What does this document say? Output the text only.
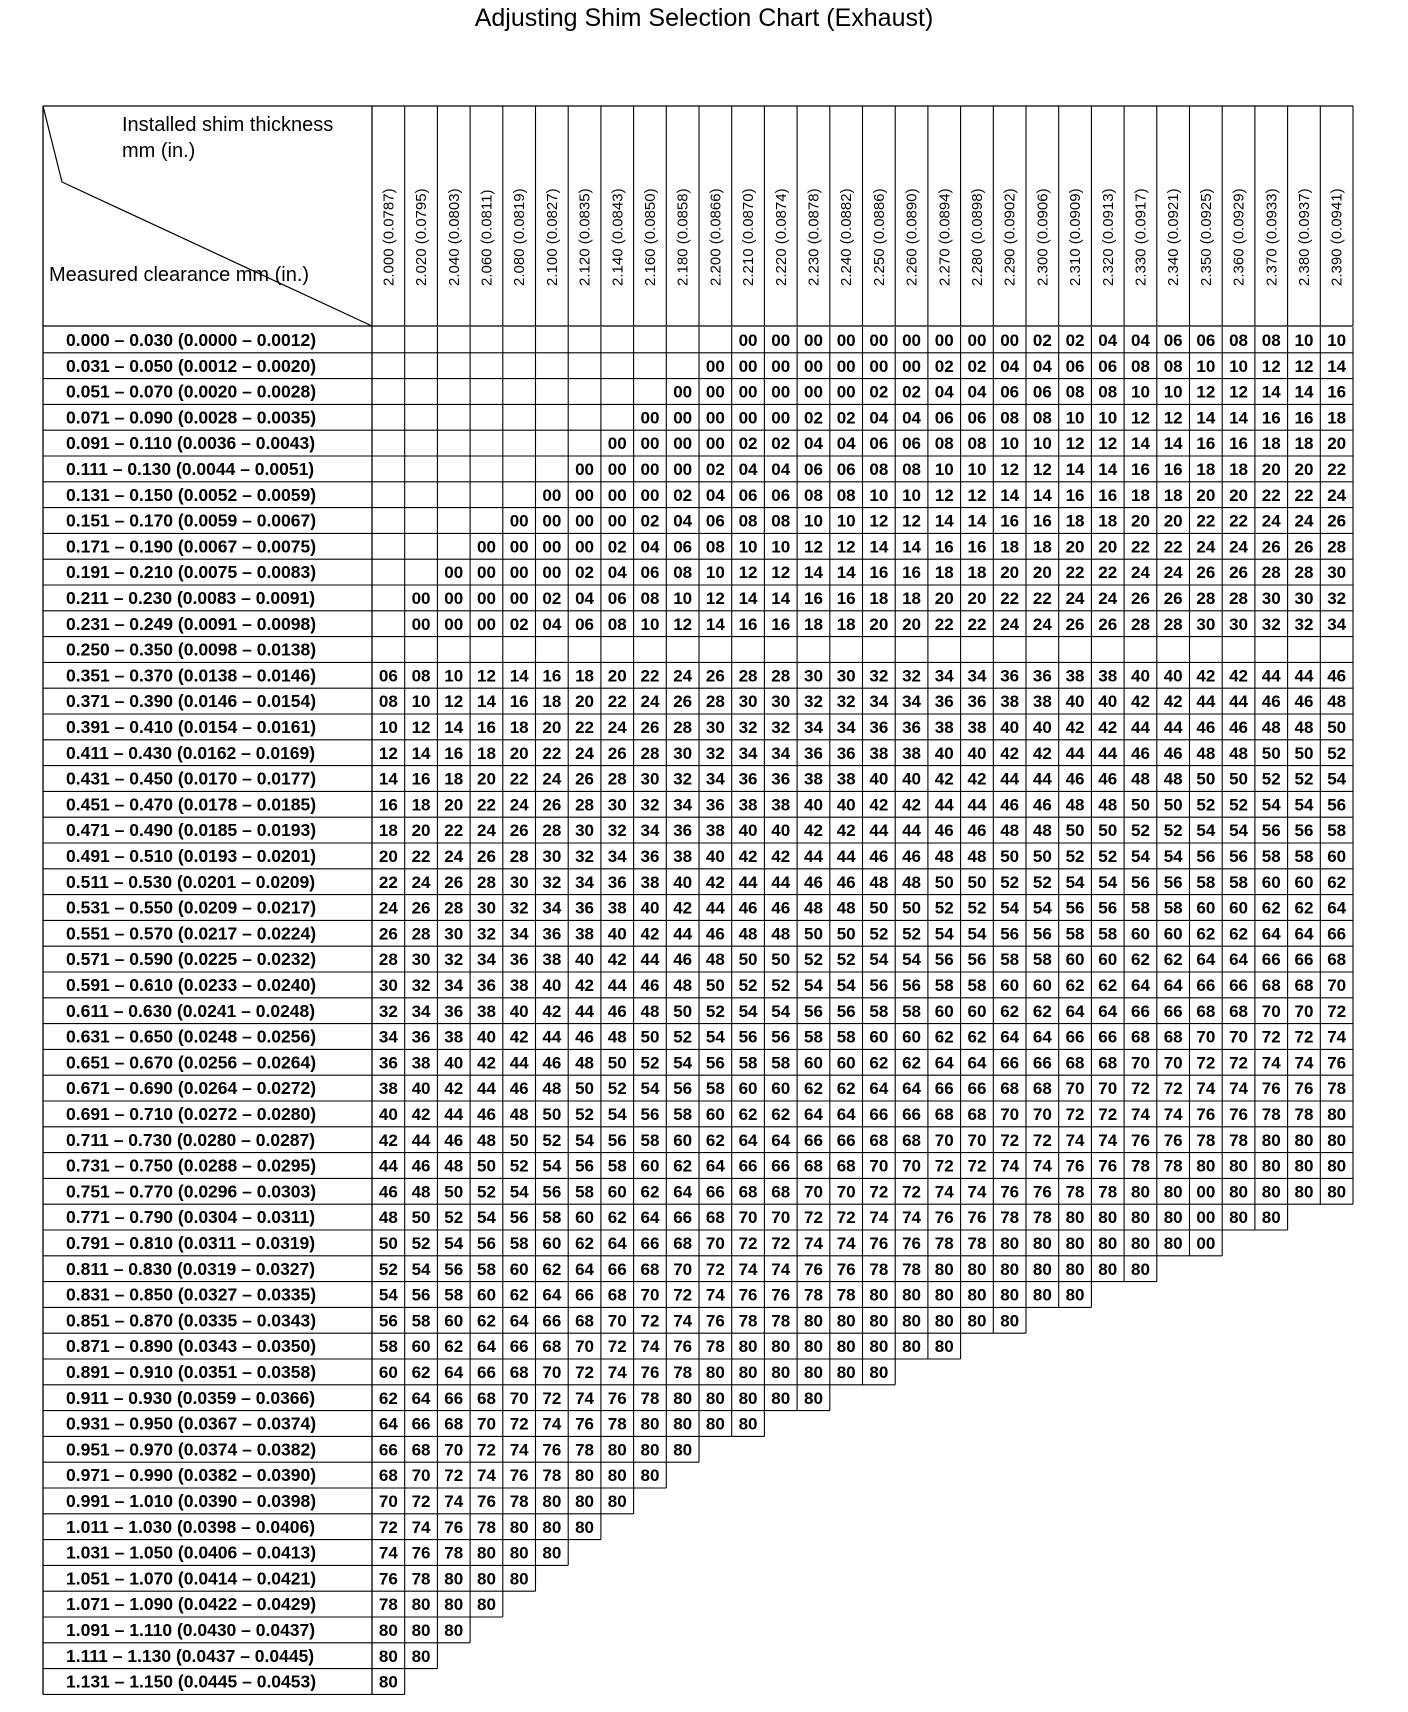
Adjusting Shim Selection Chart (Exhaust)
Installed shim thickness
mm (in.)
Measured clearance mm (in.)	2.000 (0.0787) 2.020 (0.0795) 2.040 (0.0803) 2.060 (0.0811) 2.080 (0.0819) 2.100 (0.0827) 2.120 (0.0835) 2.140 (0.0843) 2.160 (0.0850) 2.180 (0.0858) 2.200 (0.0866) 2.210 (0.0870) 2.220 (0.0874) 2.230 (0.0878) 2.240 (0.0882) 2.250 (0.0886) 2.260 (0.0890) 2.270 (0.0894) 2.280 (0.0898) 2.290 (0.0902) 2.300 (0.0906) 2.310 (0.0909) 2.320 (0.0913) 2.330 (0.0917) 2.340 (0.0921) 2.350 (0.0925) 2.360 (0.0929) 2.370 (0.0933) 2.380 (0.0937) 2.390 (0.0941)
0.000 – 0.030 (0.0000 – 0.0012)
0.031 – 0.050 (0.0012 – 0.0020)
0.051 – 0.070 (0.0020 – 0.0028)
0.071 – 0.090 (0.0028 – 0.0035)
0.091 – 0.110 (0.0036 – 0.0043)
0.111 – 0.130 (0.0044 – 0.0051)
0.131 – 0.150 (0.0052 – 0.0059)
0.151 – 0.170 (0.0059 – 0.0067)
0.171 – 0.190 (0.0067 – 0.0075)
0.191 – 0.210 (0.0075 – 0.0083)
0.211 – 0.230 (0.0083 – 0.0091)
0.231 – 0.249 (0.0091 – 0.0098)
0.250 – 0.350 (0.0098 – 0.0138)
0.351 – 0.370 (0.0138 – 0.0146)
0.371 – 0.390 (0.0146 – 0.0154)
0.391 – 0.410 (0.0154 – 0.0161)
0.411 – 0.430 (0.0162 – 0.0169)
0.431 – 0.450 (0.0170 – 0.0177)
0.451 – 0.470 (0.0178 – 0.0185)
0.471 – 0.490 (0.0185 – 0.0193)
0.491 – 0.510 (0.0193 – 0.0201)
0.511 – 0.530 (0.0201 – 0.0209)
0.531 – 0.550 (0.0209 – 0.0217)
0.551 – 0.570 (0.0217 – 0.0224)
0.571 – 0.590 (0.0225 – 0.0232)
0.591 – 0.610 (0.0233 – 0.0240)
0.611 – 0.630 (0.0241 – 0.0248)
0.631 – 0.650 (0.0248 – 0.0256)
0.651 – 0.670 (0.0256 – 0.0264)
0.671 – 0.690 (0.0264 – 0.0272)
0.691 – 0.710 (0.0272 – 0.0280)
0.711 – 0.730 (0.0280 – 0.0287)
0.731 – 0.750 (0.0288 – 0.0295)
0.751 – 0.770 (0.0296 – 0.0303)
0.771 – 0.790 (0.0304 – 0.0311)
0.791 – 0.810 (0.0311 – 0.0319)
0.811 – 0.830 (0.0319 – 0.0327)
0.831 – 0.850 (0.0327 – 0.0335)
0.851 – 0.870 (0.0335 – 0.0343)
0.871 – 0.890 (0.0343 – 0.0350)
0.891 – 0.910 (0.0351 – 0.0358)
0.911 – 0.930 (0.0359 – 0.0366)
0.931 – 0.950 (0.0367 – 0.0374)
0.951 – 0.970 (0.0374 – 0.0382)
0.971 – 0.990 (0.0382 – 0.0390)
0.991 – 1.010 (0.0390 – 0.0398)
1.011 – 1.030 (0.0398 – 0.0406)
1.031 – 1.050 (0.0406 – 0.0413)
1.051 – 1.070 (0.0414 – 0.0421)
1.071 – 1.090 (0.0422 – 0.0429)
1.091 – 1.110 (0.0430 – 0.0437)
1.111 – 1.130 (0.0437 – 0.0445)
1.131 – 1.150 (0.0445 – 0.0453)
00 00 00 00 00 00 00 00 00 02 02 04 04 06 06 08 08 10 10
00 00 00 00 00 00 00 02 02 04 04 06 06 08 08 10 10 12 12 14
00 00 00 00 00 00 02 02 04 04 06 06 08 08 10 10 12 12 14 14 16
00 00 00 00 00 02 02 04 04 06 06 08 08 10 10 12 12 14 14 16 16 18
00 00 00 00 02 02 04 04 06 06 08 08 10 10 12 12 14 14 16 16 18 18 20
00 00 00 00 02 04 04 06 06 08 08 10 10 12 12 14 14 16 16 18 18 20 20 22
00 00 00 00 02 04 06 06 08 08 10 10 12 12 14 14 16 16 18 18 20 20 22 22 24
00 00 00 00 02 04 06 08 08 10 10 12 12 14 14 16 16 18 18 20 20 22 22 24 24 26
00 00 00 00 02 04 06 08 10 10 12 12 14 14 16 16 18 18 20 20 22 22 24 24 26 26 28
00 00 00 00 02 04 06 08 10 12 12 14 14 16 16 18 18 20 20 22 22 24 24 26 26 28 28 30
00 00 00 00 02 04 06 08 10 12 14 14 16 16 18 18 20 20 22 22 24 24 26 26 28 28 30 30 32
00 00 00 02 04 06 08 10 12 14 16 16 18 18 20 20 22 22 24 24 26 26 28 28 30 30 32 32 34
06 08 10 12 14 16 18 20 22 24 26 28 28 30 30 32 32 34 34 36 36 38 38 40 40 42 42 44 44 46
08 10 12 14 16 18 20 22 24 26 28 30 30 32 32 34 34 36 36 38 38 40 40 42 42 44 44 46 46 48
10 12 14 16 18 20 22 24 26 28 30 32 32 34 34 36 36 38 38 40 40 42 42 44 44 46 46 48 48 50
12 14 16 18 20 22 24 26 28 30 32 34 34 36 36 38 38 40 40 42 42 44 44 46 46 48 48 50 50 52
14 16 18 20 22 24 26 28 30 32 34 36 36 38 38 40 40 42 42 44 44 46 46 48 48 50 50 52 52 54
16 18 20 22 24 26 28 30 32 34 36 38 38 40 40 42 42 44 44 46 46 48 48 50 50 52 52 54 54 56
18 20 22 24 26 28 30 32 34 36 38 40 40 42 42 44 44 46 46 48 48 50 50 52 52 54 54 56 56 58
20 22 24 26 28 30 32 34 36 38 40 42 42 44 44 46 46 48 48 50 50 52 52 54 54 56 56 58 58 60
22 24 26 28 30 32 34 36 38 40 42 44 44 46 46 48 48 50 50 52 52 54 54 56 56 58 58 60 60 62
24 26 28 30 32 34 36 38 40 42 44 46 46 48 48 50 50 52 52 54 54 56 56 58 58 60 60 62 62 64
26 28 30 32 34 36 38 40 42 44 46 48 48 50 50 52 52 54 54 56 56 58 58 60 60 62 62 64 64 66
28 30 32 34 36 38 40 42 44 46 48 50 50 52 52 54 54 56 56 58 58 60 60 62 62 64 64 66 66 68
30 32 34 36 38 40 42 44 46 48 50 52 52 54 54 56 56 58 58 60 60 62 62 64 64 66 66 68 68 70
32 34 36 38 40 42 44 46 48 50 52 54 54 56 56 58 58 60 60 62 62 64 64 66 66 68 68 70 70 72
34 36 38 40 42 44 46 48 50 52 54 56 56 58 58 60 60 62 62 64 64 66 66 68 68 70 70 72 72 74
36 38 40 42 44 46 48 50 52 54 56 58 58 60 60 62 62 64 64 66 66 68 68 70 70 72 72 74 74 76
38 40 42 44 46 48 50 52 54 56 58 60 60 62 62 64 64 66 66 68 68 70 70 72 72 74 74 76 76 78
40 42 44 46 48 50 52 54 56 58 60 62 62 64 64 66 66 68 68 70 70 72 72 74 74 76 76 78 78 80
42 44 46 48 50 52 54 56 58 60 62 64 64 66 66 68 68 70 70 72 72 74 74 76 76 78 78 80 80 80
44 46 48 50 52 54 56 58 60 62 64 66 66 68 68 70 70 72 72 74 74 76 76 78 78 80 80 80 80 80
46 48 50 52 54 56 58 60 62 64 66 68 68 70 70 72 72 74 74 76 76 78 78 80 80 00 80 80 80 80
48 50 52 54 56 58 60 62 64 66 68 70 70 72 72 74 74 76 76 78 78 80 80 80 80 00 80 80
50 52 54 56 58 60 62 64 66 68 70 72 72 74 74 76 76 78 78 80 80 80 80 80 80 00
52 54 56 58 60 62 64 66 68 70 72 74 74 76 76 78 78 80 80 80 80 80 80 80
54 56 58 60 62 64 66 68 70 72 74 76 76 78 78 80 80 80 80 80 80 80
56 58 60 62 64 66 68 70 72 74 76 78 78 80 80 80 80 80 80 80
58 60 62 64 66 68 70 72 74 76 78 80 80 80 80 80 80 80
60 62 64 66 68 70 72 74 76 78 80 80 80 80 80 80
62 64 66 68 70 72 74 76 78 80 80 80 80 80
64 66 68 70 72 74 76 78 80 80 80 80
66 68 70 72 74 76 78 80 80 80
68 70 72 74 76 78 80 80 80
70 72 74 76 78 80 80 80
72 74 76 78 80 80 80
74 76 78 80 80 80
76 78 80 80 80
78 80 80 80
80 80 80
80 80
80
